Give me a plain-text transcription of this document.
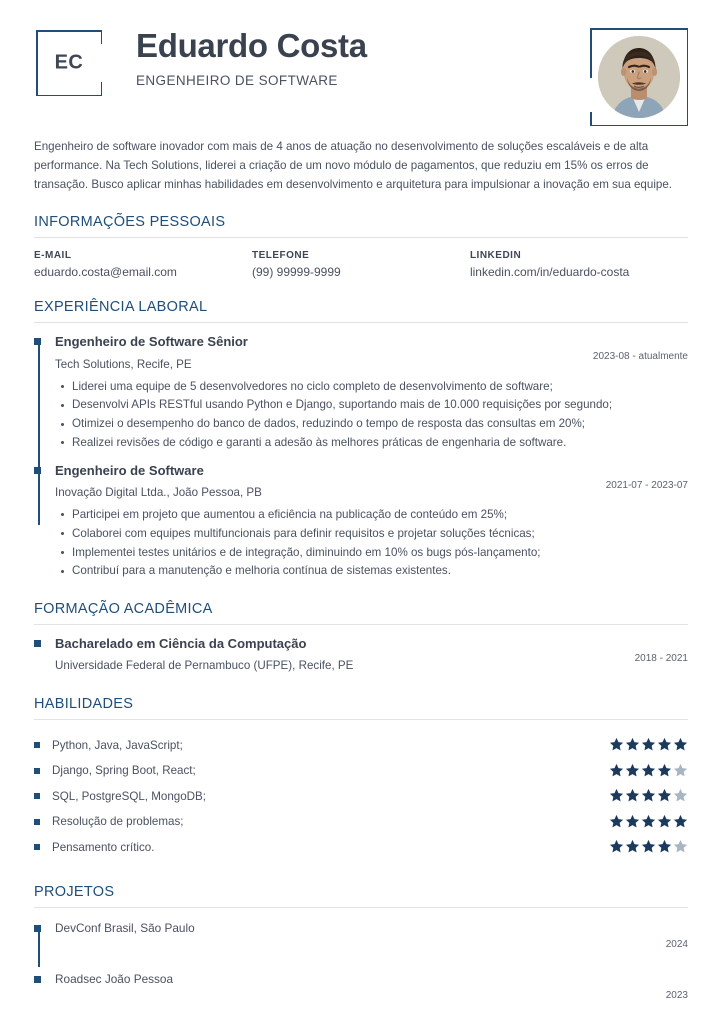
EC	Eduardo Costa
ENGENHEIRO DE SOFTWARE
Engenheiro de software inovador com mais de 4 anos de atuação no desenvolvimento de soluções escaláveis e de alta performance. Na Tech Solutions, liderei a criação de um novo módulo de pagamentos, que reduziu em 15% os erros de transação. Busco aplicar minhas habilidades em desenvolvimento e arquitetura para impulsionar a inovação em sua equipe.
INFORMAÇÕES PESSOAIS
E-MAIL
eduardo.costa@email.com
TELEFONE
(99) 99999-9999
LINKEDIN
linkedin.com/in/eduardo-costa
EXPERIÊNCIA LABORAL
Engenheiro de Software Sênior
Tech Solutions, Recife, PE
2023-08 - atualmente
Liderei uma equipe de 5 desenvolvedores no ciclo completo de desenvolvimento de software;
Desenvolvi APIs RESTful usando Python e Django, suportando mais de 10.000 requisições por segundo;
Otimizei o desempenho do banco de dados, reduzindo o tempo de resposta das consultas em 20%;
Realizei revisões de código e garanti a adesão às melhores práticas de engenharia de software.
Engenheiro de Software
Inovação Digital Ltda., João Pessoa, PB
2021-07 - 2023-07
Participei em projeto que aumentou a eficiência na publicação de conteúdo em 25%;
Colaborei com equipes multifuncionais para definir requisitos e projetar soluções técnicas;
Implementei testes unitários e de integração, diminuindo em 10% os bugs pós-lançamento;
Contribuí para a manutenção e melhoria contínua de sistemas existentes.
FORMAÇÃO ACADÊMICA
Bacharelado em Ciência da Computação
Universidade Federal de Pernambuco (UFPE), Recife, PE
2018 - 2021
HABILIDADES
Python, Java, JavaScript;
Django, Spring Boot, React;
SQL, PostgreSQL, MongoDB;
Resolução de problemas;
Pensamento crítico.
PROJETOS
DevConf Brasil, São Paulo
2024
Roadsec João Pessoa
2023
